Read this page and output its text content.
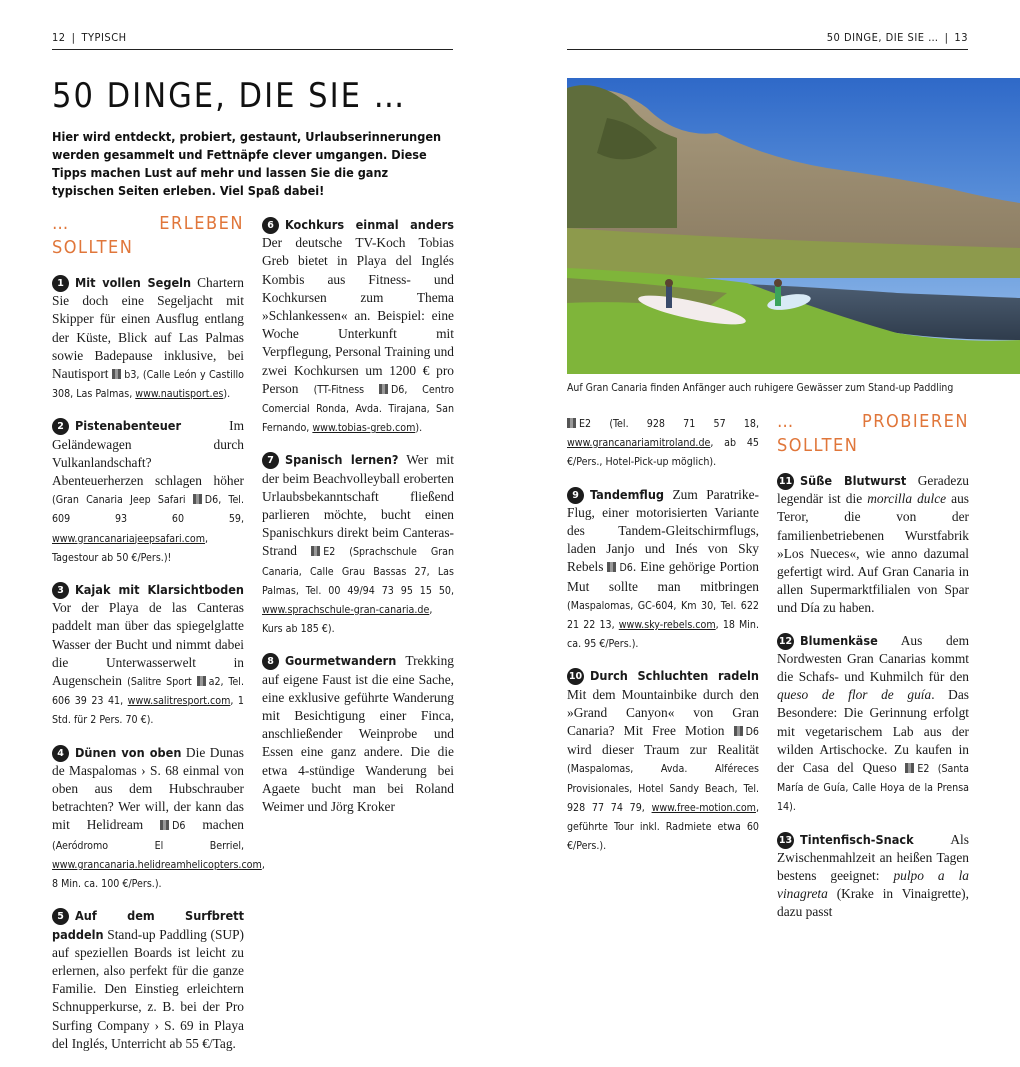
12 | TYPISCH	50 DINGE, DIE SIE … | 13
50 DINGE, DIE SIE …

Hier wird entdeckt, probiert, gestaunt, Urlaubserinnerungen werden gesammelt und Fettnäpfe clever umgangen. Diese Tipps machen Lust auf mehr und lassen Sie die ganz typischen Seiten erleben. Viel Spaß dabei!

… ERLEBEN SOLLTEN
1 Mit vollen Segeln Chartern Sie doch eine Segeljacht mit Skipper für einen Ausflug entlang der Küste, Blick auf Las Palmas sowie Badepause inklusive, bei Nautisport b3, (Calle León y Castillo 308, Las Palmas, www.nautisport.es).
2 Pistenabenteuer	Im Geländewagen durch Vulkanlandschaft? Abenteuerherzen schlagen höher (Gran Canaria Jeep Safari D6, Tel. 609 93 60 59, www.grancanariajeepsafari.com, Tagestour ab 50 €/Pers.)!
3 Kajak mit Klarsichtboden Vor der Playa de las Canteras paddelt man über das spiegelglatte Wasser der Bucht und nimmt dabei die Unterwasserwelt in Augenschein (Salitre Sport a2, Tel. 606 39 23 41, www.salitresport.com, 1 Std. für 2 Pers. 70 €).
4 Dünen von oben Die Dunas de Maspalomas › S. 68 einmal von oben aus dem Hubschrauber betrachten? Wer will, der kann das mit Helidream	D6 machen (Aeródromo El Berriel, www.grancanaria.helidreamhelicopters.com, 8 Min. ca. 100 €/Pers.).
5 Auf dem Surfbrett paddeln Stand-up Paddling (SUP) auf speziellen Boards ist leicht zu erlernen, also perfekt für die ganze Familie. Den Einstieg erleichtern Schnupperkurse, z. B. bei der Pro Surfing Company › S. 69 in Playa del Inglés, Unterricht ab 55 €/Tag.
6 Kochkurs einmal anders Der deutsche TV-Koch Tobias Greb bietet in Playa del Inglés Kombis aus Fitness- und Kochkursen zum Thema »Schlankessen« an. Beispiel: eine Woche Unterkunft mit Verpflegung, Personal Training und zwei Kochkursen um 1200 € pro Person (TT-Fitness	D6, Centro Comercial Ronda, Avda. Tirajana, San Fernando, www.tobias-greb.com).
7 Spanisch lernen? Wer mit der beim Beachvolleyball eroberten Urlaubsbekanntschaft fließend parlieren möchte, bucht einen Spanischkurs direkt beim Canteras-Strand E2 (Sprachschule Gran Canaria, Calle Grau Bassas 27, Las Palmas, Tel. 00 49/94 73 95 15 50, www.sprachschule-gran-canaria.de, Kurs ab 185 €).
8 Gourmetwandern Trekking auf eigene Faust ist die eine Sache, eine exklusive geführte Wanderung mit Besichtigung einer Finca, anschließender Weinprobe und Essen eine ganz andere. Die die etwa 4-stündige Wanderung bei Agaete bucht man bei Roland Weimer und Jörg Kroker
Auf Gran Canaria finden Anfänger auch ruhigere Gewässer zum Stand-up Paddling
E2 (Tel. 928 71 57 18, www.grancanariamitroland.de, ab 45 €/Pers., Hotel-Pick-up möglich).
9 Tandemflug Zum Paratrike-Flug, einer motorisierten Variante des Tandem-Gleitschirmflugs, laden Janjo und Inés von Sky Rebels D6. Eine gehörige Portion Mut sollte man mitbringen (Maspalomas, GC-604, Km 30, Tel. 622 21 22 13, www.sky-rebels.com, 18 Min. ca. 95 €/Pers.).
10 Durch Schluchten radeln Mit dem Mountainbike durch den »Grand Canyon« von Gran Canaria? Mit Free Motion D6 wird dieser Traum zur Realität (Maspalomas, Avda. Alféreces Provisionales, Hotel Sandy Beach, Tel. 928 77 74 79, www.free-motion.com, geführte Tour inkl. Radmiete etwa 60 €/Pers.).
… PROBIEREN SOLLTEN
11 Süße Blutwurst Geradezu legendär ist die morcilla dulce aus Teror, die von der familienbetriebenen Wurstfabrik »Los Nueces«, wie anno dazumal gefertigt wird. Auf Gran Canaria in allen Supermarktfilialen von Spar und Día zu haben.
12 Blumenkäse Aus dem Nordwesten Gran Canarias kommt die Schafs- und Kuhmilch für den queso de flor de guía. Das Besondere: Die Gerinnung erfolgt mit vegetarischem Lab aus der wilden Artischocke. Zu kaufen in der Casa del Queso E2 (Santa María de Guía, Calle Hoya de la Prensa 14).
13 Tintenfisch-Snack	Als Zwischenmahlzeit an heißen Tagen bestens geeignet: pulpo a la vinagreta (Krake in Vinaigrette), dazu passt
